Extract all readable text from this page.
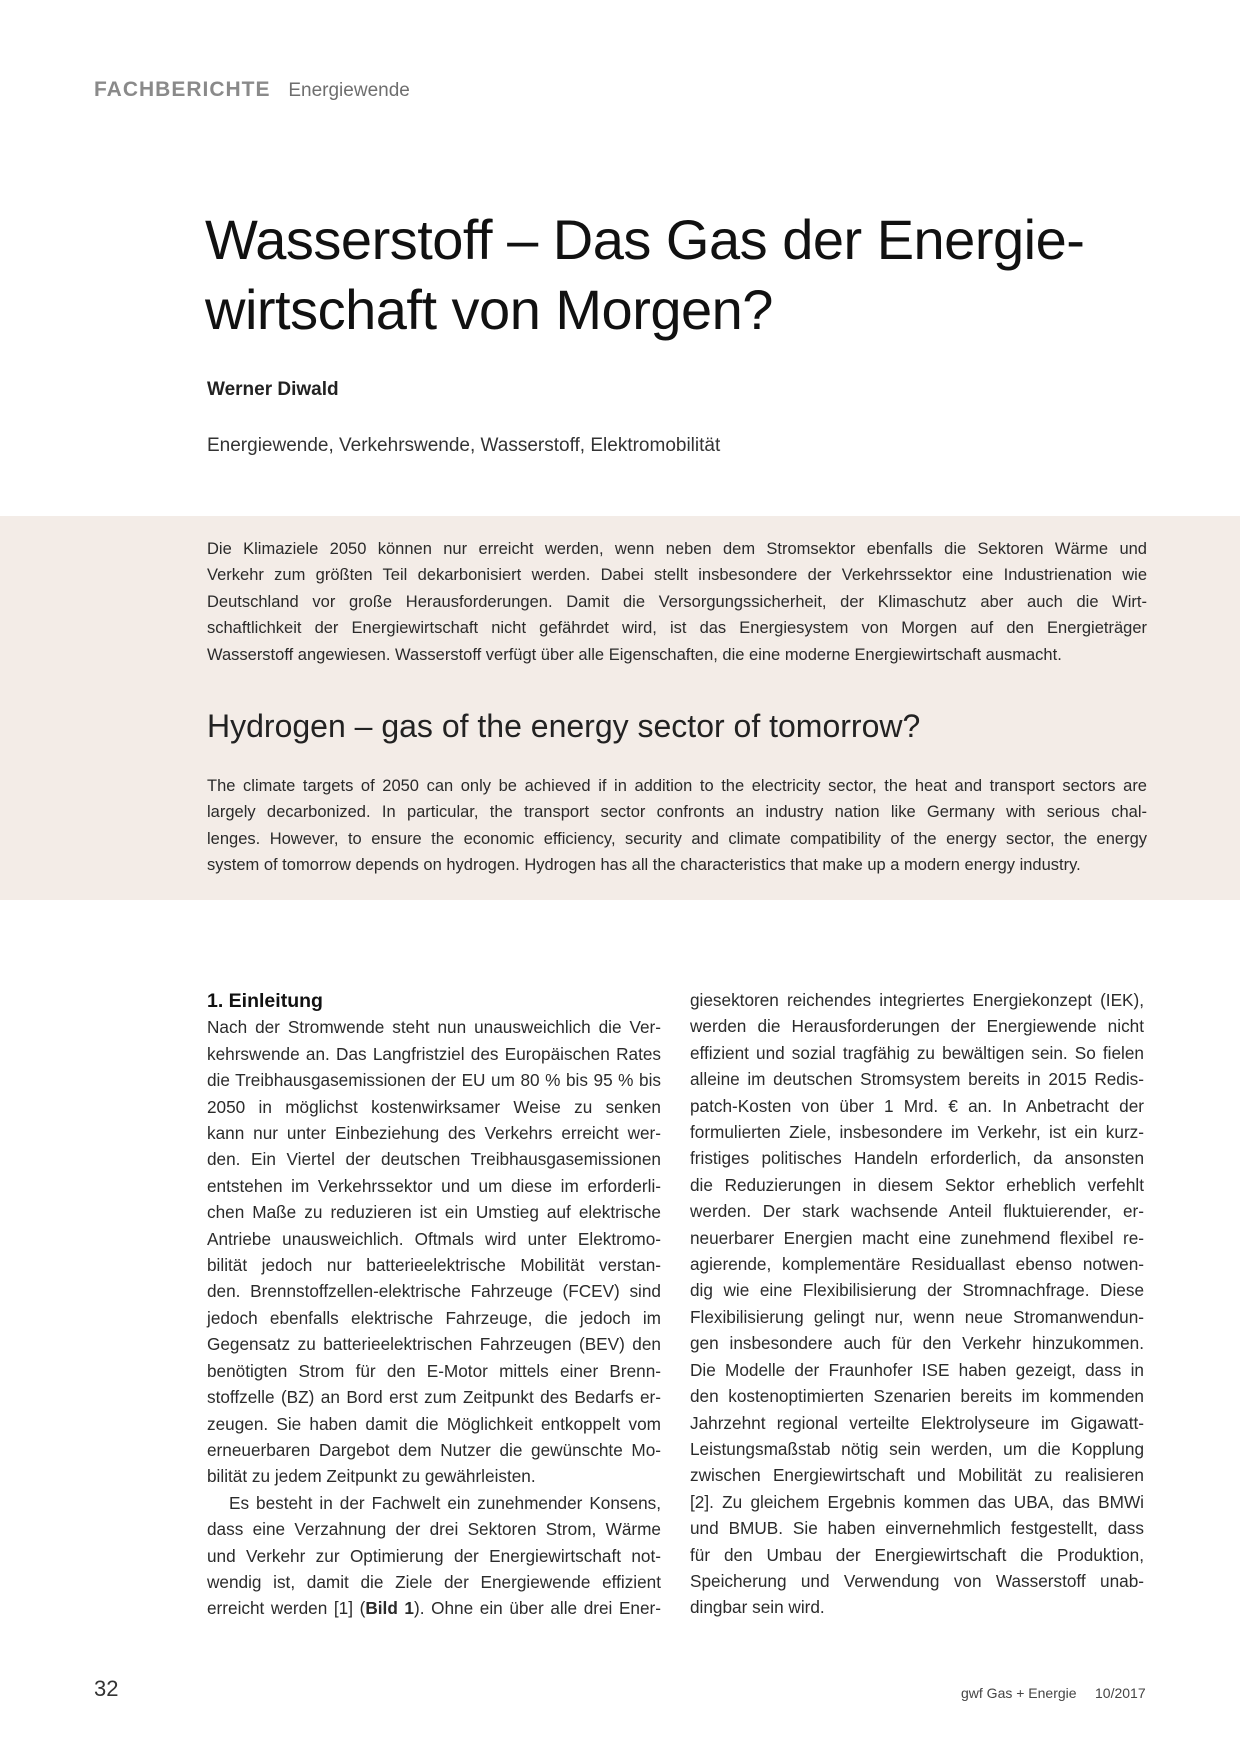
FACHBERICHTE Energiewende
Wasserstoff – Das Gas der Energie-
wirtschaft von Morgen?
Werner Diwald
Energiewende, Verkehrswende, Wasserstoff, Elektromobilität
Die Klimaziele 2050 können nur erreicht werden, wenn neben dem Stromsektor ebenfalls die Sektoren Wärme und
Verkehr zum größten Teil dekarbonisiert werden. Dabei stellt insbesondere der Verkehrssektor eine Industrienation wie
Deutschland vor große Herausforderungen. Damit die Versorgungssicherheit, der Klimaschutz aber auch die Wirt-
schaftlichkeit der Energiewirtschaft nicht gefährdet wird, ist das Energiesystem von Morgen auf den Energieträger
Wasserstoff angewiesen. Wasserstoff verfügt über alle Eigenschaften, die eine moderne Energiewirtschaft ausmacht.
Hydrogen – gas of the energy sector of tomorrow?
The climate targets of 2050 can only be achieved if in addition to the electricity sector, the heat and transport sectors are
largely decarbonized. In particular, the transport sector confronts an industry nation like Germany with serious chal-
lenges. However, to ensure the economic efficiency, security and climate compatibility of the energy sector, the energy
system of tomorrow depends on hydrogen. Hydrogen has all the characteristics that make up a modern energy industry.
1. Einleitung
Nach der Stromwende steht nun unausweichlich die Ver-
kehrswende an. Das Langfristziel des Europäischen Rates
die Treibhausgasemissionen der EU um 80 % bis 95 % bis
2050 in möglichst kostenwirksamer Weise zu senken
kann nur unter Einbeziehung des Verkehrs erreicht wer-
den. Ein Viertel der deutschen Treibhausgasemissionen
entstehen im Verkehrssektor und um diese im erforderli-
chen Maße zu reduzieren ist ein Umstieg auf elektrische
Antriebe unausweichlich. Oftmals wird unter Elektromo-
bilität jedoch nur batterieelektrische Mobilität verstan-
den. Brennstoffzellen-elektrische Fahrzeuge (FCEV) sind
jedoch ebenfalls elektrische Fahrzeuge, die jedoch im
Gegensatz zu batterieelektrischen Fahrzeugen (BEV) den
benötigten Strom für den E-Motor mittels einer Brenn-
stoffzelle (BZ) an Bord erst zum Zeitpunkt des Bedarfs er-
zeugen. Sie haben damit die Möglichkeit entkoppelt vom
erneuerbaren Dargebot dem Nutzer die gewünschte Mo-
bilität zu jedem Zeitpunkt zu gewährleisten.
Es besteht in der Fachwelt ein zunehmender Konsens,
dass eine Verzahnung der drei Sektoren Strom, Wärme
und Verkehr zur Optimierung der Energiewirtschaft not-
wendig ist, damit die Ziele der Energiewende effizient
erreicht werden [1] (Bild 1). Ohne ein über alle drei Ener-
giesektoren reichendes integriertes Energiekonzept (IEK),
werden die Herausforderungen der Energiewende nicht
effizient und sozial tragfähig zu bewältigen sein. So fielen
alleine im deutschen Stromsystem bereits in 2015 Redis-
patch-Kosten von über 1 Mrd. € an. In Anbetracht der
formulierten Ziele, insbesondere im Verkehr, ist ein kurz-
fristiges politisches Handeln erforderlich, da ansonsten
die Reduzierungen in diesem Sektor erheblich verfehlt
werden. Der stark wachsende Anteil fluktuierender, er-
neuerbarer Energien macht eine zunehmend flexibel re-
agierende, komplementäre Residuallast ebenso notwen-
dig wie eine Flexibilisierung der Stromnachfrage. Diese
Flexibilisierung gelingt nur, wenn neue Stromanwendun-
gen insbesondere auch für den Verkehr hinzukommen.
Die Modelle der Fraunhofer ISE haben gezeigt, dass in
den kostenoptimierten Szenarien bereits im kommenden
Jahrzehnt regional verteilte Elektrolyseure im Gigawatt-
Leistungsmaßstab nötig sein werden, um die Kopplung
zwischen Energiewirtschaft und Mobilität zu realisieren
[2]. Zu gleichem Ergebnis kommen das UBA, das BMWi
und BMUB. Sie haben einvernehmlich festgestellt, dass
für den Umbau der Energiewirtschaft die Produktion,
Speicherung und Verwendung von Wasserstoff unab-
dingbar sein wird.
32	gwf Gas + Energie 10/2017
